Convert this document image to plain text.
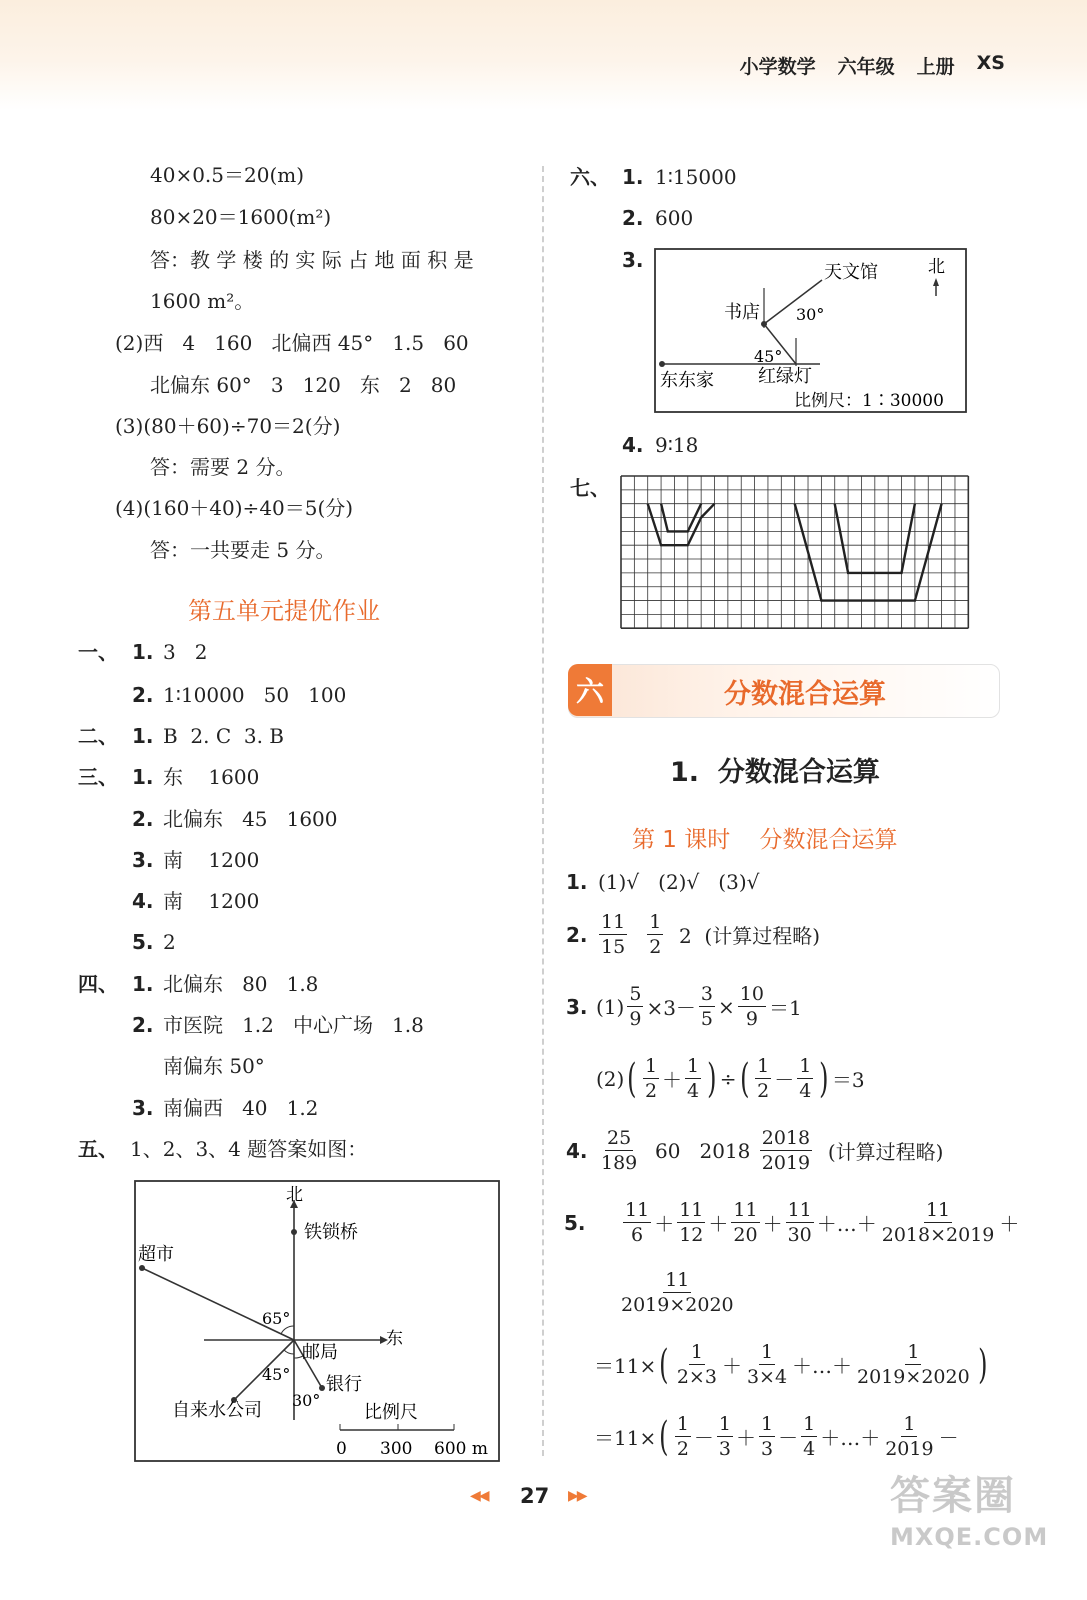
小学数学 六年级 上册 XS
40×0.5＝20(m)
80×20＝1600(m²)
答：教 学 楼 的 实 际 占 地 面 积 是
1600 m²。
(2)西   4   160   北偏西 45°   1.5   60
北偏东 60°   3   120   东   2   80
(3)(80＋60)÷70＝2(分)
答：需要 2 分。
(4)(160＋40)÷40＝5(分)
答：一共要走 5 分。
第五单元提优作业
一、 1. 3   2
2. 1∶10000   50   100
二、 1. B  2. C  3. B
三、 1. 东    1600
2. 北偏东   45   1600
3. 南    1200
4. 南    1200
5. 2
四、 1. 北偏东   80   1.8
2. 市医院   1.2   中心广场   1.8
南偏东 50°
3. 南偏西   40   1.2
五、 1、2、3、4 题答案如图：
北
东
铁锁桥
超市
邮局
银行
自来水公司
65°
45°
30°
比例尺
0 300 600 m
六、 1. 1∶15000
2. 600
3.
4. 9∶18
天文馆	北
书店 30°
45°
东东家 红绿灯
比例尺：1∶30000
七、
六	分数混合运算
1.  分数混合运算
第 1 课时    分数混合运算
1. (1)√   (2)√   (3)√
2. $\frac{11}{15} \frac{1}{2} 2$  (计算过程略)
3. $(1) \frac{5}{9} \times 3- \frac{3}{5} \times \frac{10}{9} =1$
(2) ( $\frac{1}{2} + \frac{1}{4}$ ) ÷ ( $\frac{1}{2} - \frac{1}{4}$ ) ＝3
4. $\frac{25}{189} 60$   $2018 \frac{2018}{2019}$ (计算过程略)
5.	$\frac{11}{6} + \frac{11}{12} + \frac{11}{20} + \frac{11}{30}$ ＋…＋ $\frac{11}{2018\times 2019}$ ＋
$\frac{11}{2019\times 2020}$
＝11× ( $\frac{1}{2\times 3} + \frac{1}{3\times 4}$ ＋…＋ $\frac{1}{2019\times 2020}$ )
＝11× ( $\frac{1}{2} - \frac{1}{3} + \frac{1}{3} - \frac{1}{4}$ ＋…＋ $\frac{1}{2019}$ －
◀◀ 27 ▶▶	答案圈
MXQE.COM
